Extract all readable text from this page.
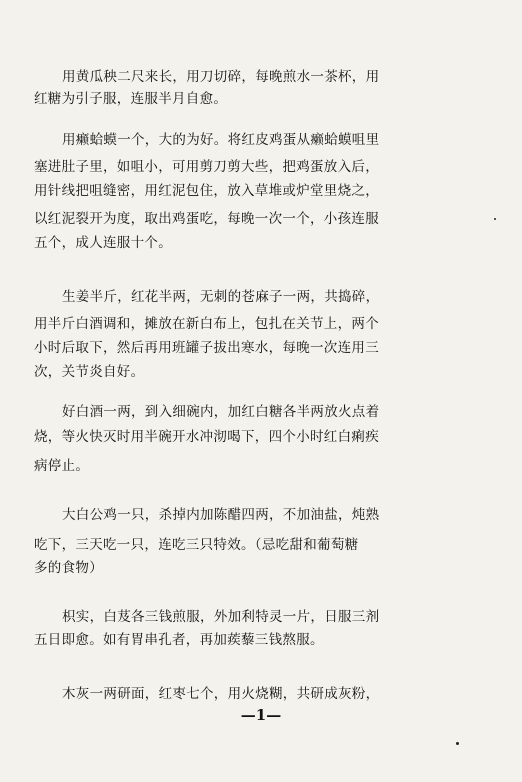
用黄瓜秧二尺来长，用刀切碎，每晚煎水一茶杯，用
红糖为引子服，连服半月自愈。
用癞蛤蟆一个，大的为好。将红皮鸡蛋从癞蛤蟆咀里
塞进肚子里，如咀小，可用剪刀剪大些，把鸡蛋放入后，
用针线把咀缝密，用红泥包住，放入草堆或炉堂里烧之，
以红泥裂开为度，取出鸡蛋吃，每晚一次一个，小孩连服
五个，成人连服十个。
生姜半斤，红花半两，无刺的苍麻子一两，共捣碎，
用半斤白酒调和，摊放在新白布上，包扎在关节上，两个
小时后取下，然后再用班罐子拔出寒水，每晚一次连用三
次，关节炎自好。
好白酒一两，到入细碗内，加红白糖各半两放火点着
烧，等火快灭时用半碗开水冲沏喝下，四个小时红白痢疾
病停止。
大白公鸡一只，杀掉内加陈醋四两，不加油盐，炖熟
吃下，三天吃一只，连吃三只特效。（忌吃甜和葡萄糖
多的食物）
枳实，白芨各三钱煎服，外加利特灵一片，日服三剂
五日即愈。如有胃串孔者，再加蒺藜三钱熬服。
木灰一两研面，红枣七个，用火烧糊，共研成灰粉，
—1—
